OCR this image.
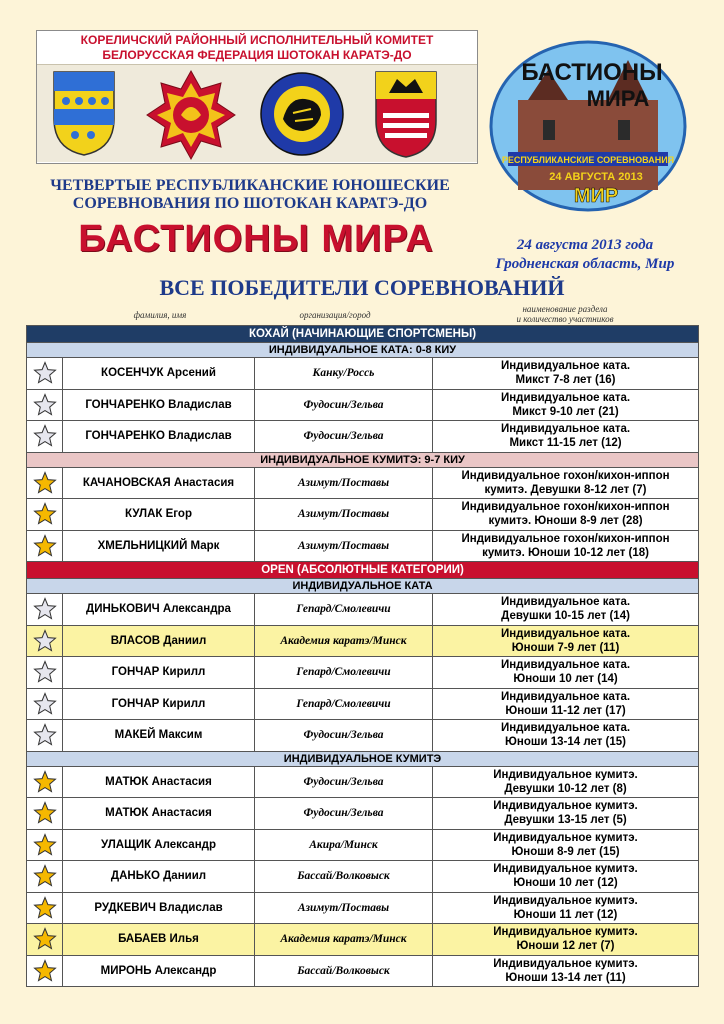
КОРЕЛИЧСКИЙ РАЙОННЫЙ ИСПОЛНИТЕЛЬНЫЙ КОМИТЕТ
БЕЛОРУССКАЯ ФЕДЕРАЦИЯ ШОТОКАН КАРАТЭ-ДО
БАСТИОНЫ
МИРА
РЕСПУБЛИКАНСКИЕ СОРЕВНОВАНИЯ
24 АВГУСТА 2013
МИР
ЧЕТВЕРТЫЕ РЕСПУБЛИКАНСКИЕ ЮНОШЕСКИЕ
СОРЕВНОВАНИЯ ПО ШОТОКАН КАРАТЭ-ДО
БАСТИОНЫ МИРА	24 августа 2013 года
Гродненская область, Мир
ВСЕ ПОБЕДИТЕЛИ СОРЕВНОВАНИЙ
фамилия, имя	организация/город
наименование раздела
и количество участников
КОХАЙ (НАЧИНАЮЩИЕ СПОРТСМЕНЫ)			
ИНДИВИДУАЛЬНОЕ КАТА: 0-8 КИУ			

	КОСЕНЧУК Арсений	Канку/Россь	Индивидуальное ката.
Микст 7-8 лет (16)

	ГОНЧАРЕНКО Владислав	Фудосин/Зельва	Индивидуальное ката.
Микст 9-10 лет (21)

	ГОНЧАРЕНКО Владислав	Фудосин/Зельва	Индивидуальное ката.
Микст 11-15 лет (12)

ИНДИВИДУАЛЬНОЕ КУМИТЭ: 9-7 КИУ			

	КАЧАНОВСКАЯ Анастасия	Азимут/Поставы	Индивидуальное гохон/кихон-иппон
кумитэ. Девушки 8-12 лет (7)

	КУЛАК Егор	Азимут/Поставы	Индивидуальное гохон/кихон-иппон
кумитэ. Юноши 8-9 лет (28)

	ХМЕЛЬНИЦКИЙ Марк	Азимут/Поставы	Индивидуальное гохон/кихон-иппон
кумитэ. Юноши 10-12 лет (18)

OPEN (АБСОЛЮТНЫЕ КАТЕГОРИИ)			
ИНДИВИДУАЛЬНОЕ КАТА			

	ДИНЬКОВИЧ Александра	Гепард/Смолевичи	Индивидуальное ката.
Девушки 10-15 лет (14)

	ВЛАСОВ Даниил	Академия каратэ/Минск	Индивидуальное ката.
Юноши 7-9 лет (11)

	ГОНЧАР Кирилл	Гепард/Смолевичи	Индивидуальное ката.
Юноши 10 лет (14)

	ГОНЧАР Кирилл	Гепард/Смолевичи	Индивидуальное ката.
Юноши 11-12 лет (17)

	МАКЕЙ Максим	Фудосин/Зельва	Индивидуальное ката.
Юноши 13-14 лет (15)

ИНДИВИДУАЛЬНОЕ КУМИТЭ			

	МАТЮК Анастасия	Фудосин/Зельва	Индивидуальное кумитэ.
Девушки 10-12 лет (8)

	МАТЮК Анастасия	Фудосин/Зельва	Индивидуальное кумитэ.
Девушки 13-15 лет (5)

	УЛАЩИК Александр	Акира/Минск	Индивидуальное кумитэ.
Юноши 8-9 лет (15)

	ДАНЬКО Даниил	Бассай/Волковыск	Индивидуальное кумитэ.
Юноши 10 лет (12)

	РУДКЕВИЧ Владислав	Азимут/Поставы	Индивидуальное кумитэ.
Юноши 11 лет (12)

	БАБАЕВ Илья	Академия каратэ/Минск	Индивидуальное кумитэ.
Юноши 12 лет (7)

	МИРОНЬ Александр	Бассай/Волковыск	Индивидуальное кумитэ.
Юноши 13-14 лет (11)
